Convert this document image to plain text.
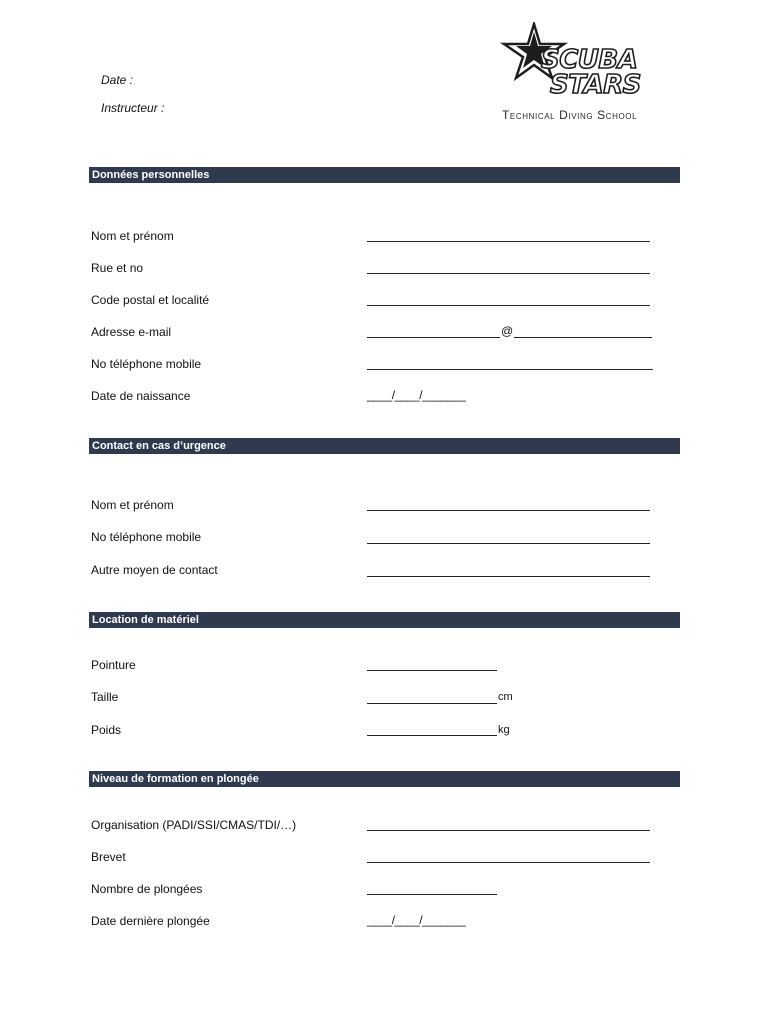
Date :
Instructeur :
SCUBA
STARS
Technical Diving School
Données personnelles
Nom et prénom
Rue et no
Code postal et localité
Adresse e-mail	@
No téléphone mobile
Date de naissance	____/____/_______
Contact en cas d’urgence
Nom et prénom
No téléphone mobile
Autre moyen de contact
Location de matériel
Pointure
Taille	cm
Poids	kg
Niveau de formation en plongée
Organisation (PADI/SSI/CMAS/TDI/…)
Brevet
Nombre de plongées
Date dernière plongée	____/____/_______
